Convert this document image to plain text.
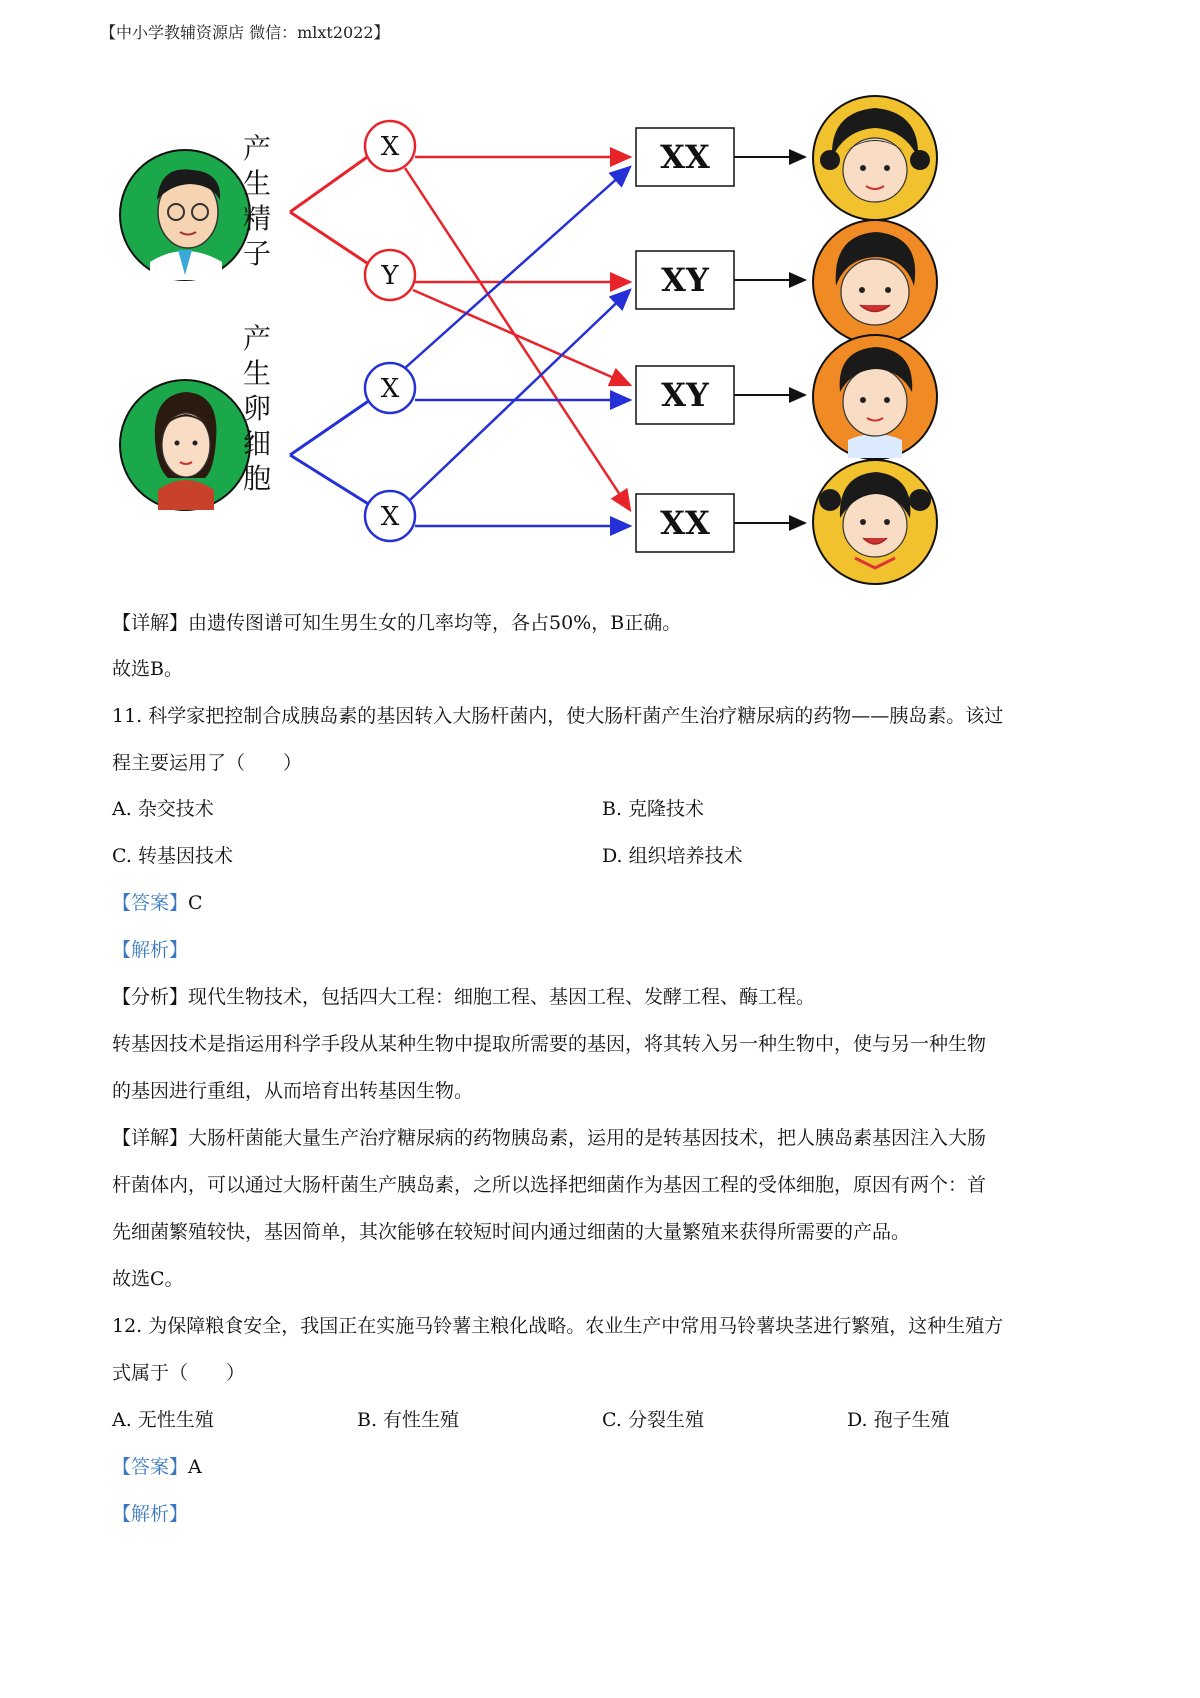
【中小学教辅资源店 微信：mlxt2022】
产
生
精
子
产
生
卵
细
胞
X
Y
X
X
XX
XY
XY
XX
【详解】由遗传图谱可知生男生女的几率均等，各占50%，B正确。
故选B。
11. 科学家把控制合成胰岛素的基因转入大肠杆菌内，使大肠杆菌产生治疗糖尿病的药物——胰岛素。该过
程主要运用了（　　）
A. 杂交技术	B. 克隆技术
C. 转基因技术	D. 组织培养技术
【答案】C
【解析】
【分析】现代生物技术，包括四大工程：细胞工程、基因工程、发酵工程、酶工程。
转基因技术是指运用科学手段从某种生物中提取所需要的基因，将其转入另一种生物中，使与另一种生物
的基因进行重组，从而培育出转基因生物。
【详解】大肠杆菌能大量生产治疗糖尿病的药物胰岛素，运用的是转基因技术，把人胰岛素基因注入大肠
杆菌体内，可以通过大肠杆菌生产胰岛素，之所以选择把细菌作为基因工程的受体细胞，原因有两个：首
先细菌繁殖较快，基因简单，其次能够在较短时间内通过细菌的大量繁殖来获得所需要的产品。
故选C。
12. 为保障粮食安全，我国正在实施马铃薯主粮化战略。农业生产中常用马铃薯块茎进行繁殖，这种生殖方
式属于（　　）
A. 无性生殖	B. 有性生殖	C. 分裂生殖	D. 孢子生殖
【答案】A
【解析】
